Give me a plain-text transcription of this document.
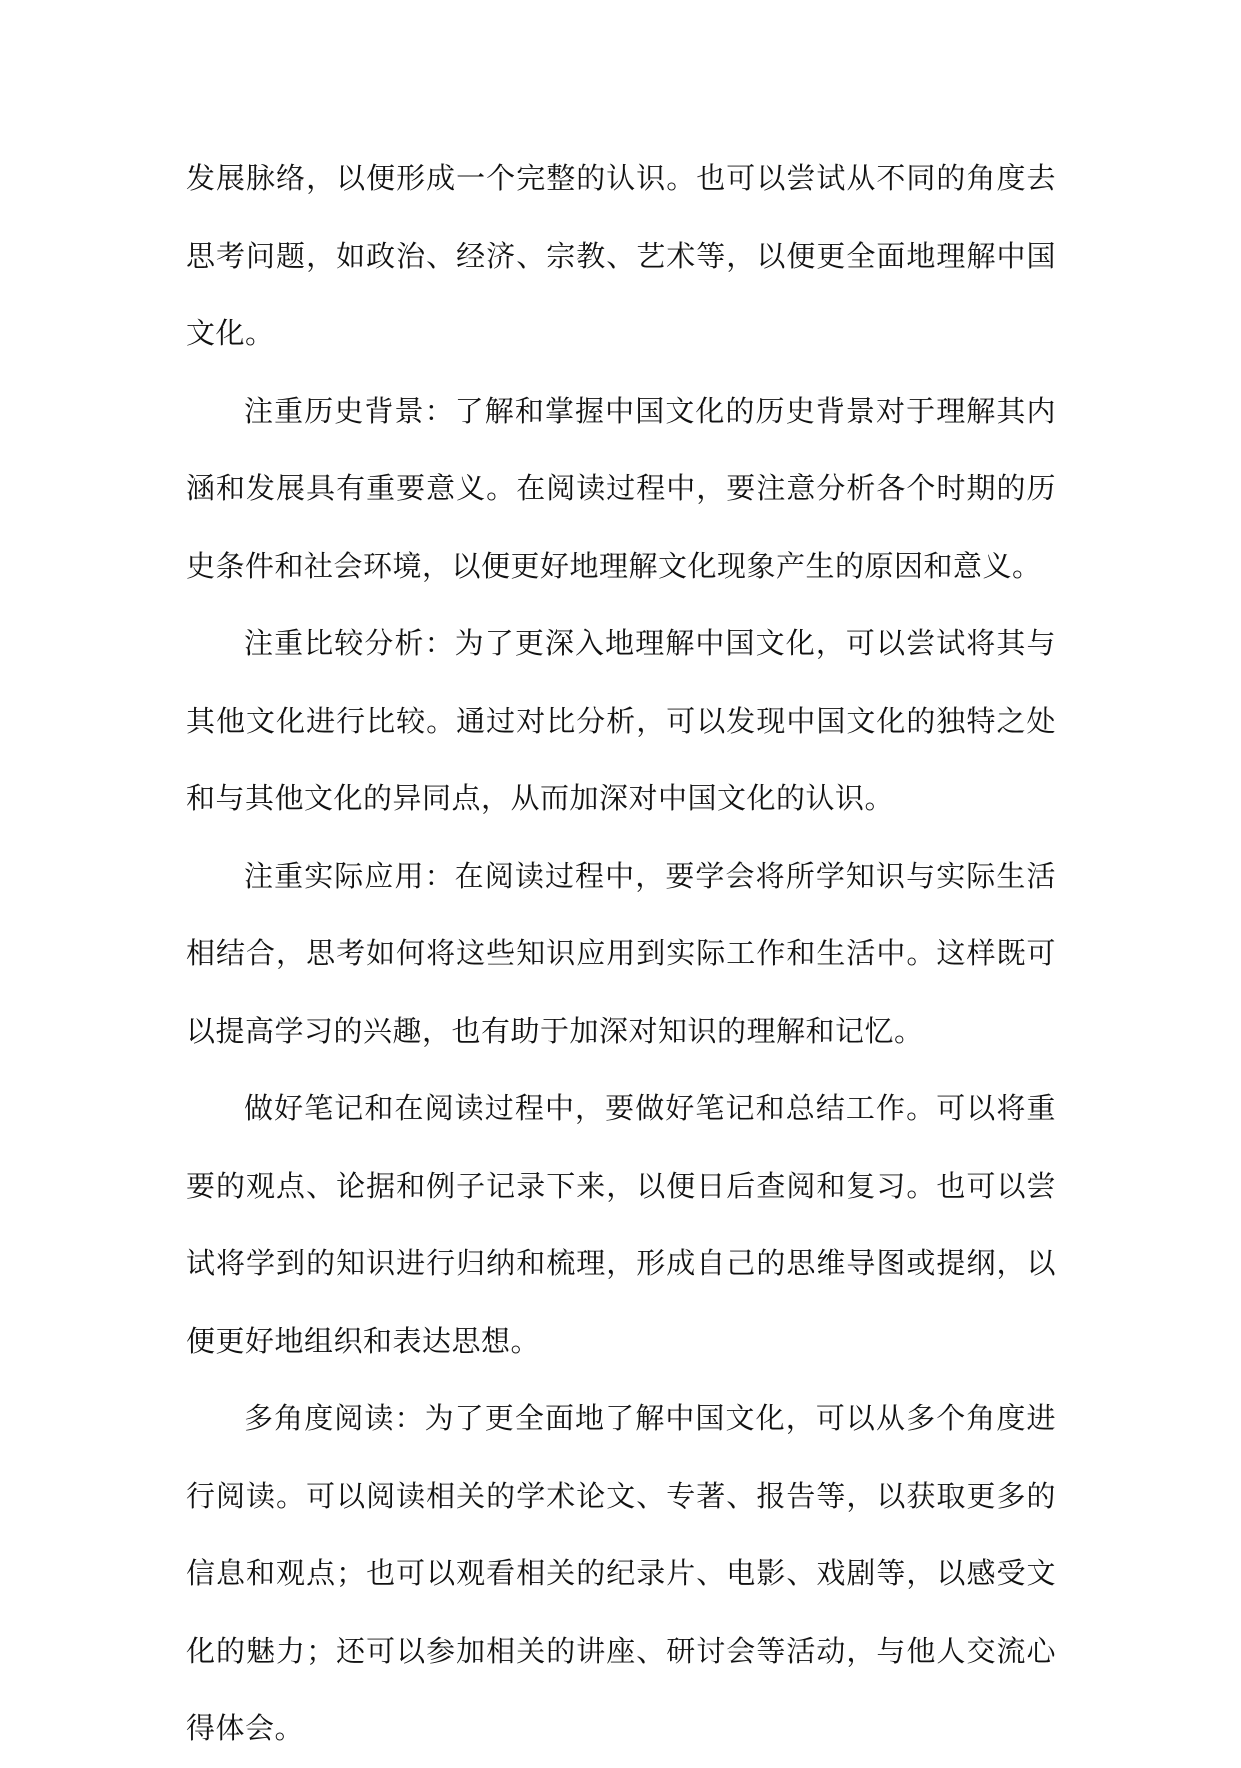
发展脉络，以便形成一个完整的认识。也可以尝试从不同的角度去思考问题，如政治、经济、宗教、艺术等，以便更全面地理解中国文化。

注重历史背景：了解和掌握中国文化的历史背景对于理解其内涵和发展具有重要意义。在阅读过程中，要注意分析各个时期的历史条件和社会环境，以便更好地理解文化现象产生的原因和意义。

注重比较分析：为了更深入地理解中国文化，可以尝试将其与其他文化进行比较。通过对比分析，可以发现中国文化的独特之处和与其他文化的异同点，从而加深对中国文化的认识。

注重实际应用：在阅读过程中，要学会将所学知识与实际生活相结合，思考如何将这些知识应用到实际工作和生活中。这样既可以提高学习的兴趣，也有助于加深对知识的理解和记忆。

做好笔记和在阅读过程中，要做好笔记和总结工作。可以将重要的观点、论据和例子记录下来，以便日后查阅和复习。也可以尝试将学到的知识进行归纳和梳理，形成自己的思维导图或提纲，以便更好地组织和表达思想。

多角度阅读：为了更全面地了解中国文化，可以从多个角度进行阅读。可以阅读相关的学术论文、专著、报告等，以获取更多的信息和观点；也可以观看相关的纪录片、电影、戏剧等，以感受文化的魅力；还可以参加相关的讲座、研讨会等活动，与他人交流心得体会。
